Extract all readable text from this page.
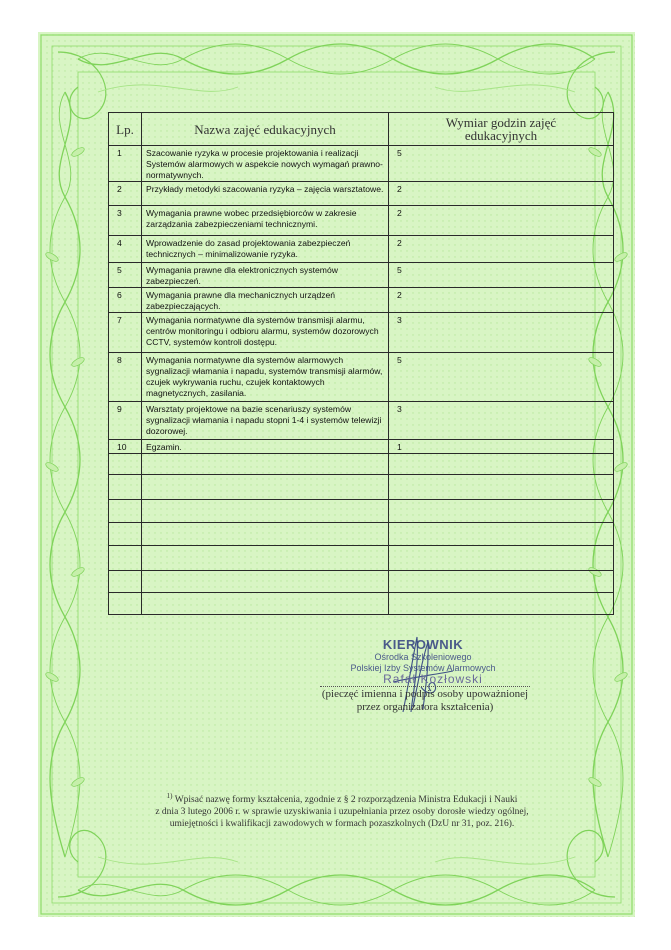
Lp.	Nazwa zajęć edukacyjnych	Wymiar godzin zajęć
edukacyjnych

1	Szacowanie ryzyka w procesie projektowania i realizacji Systemów alarmowych w aspekcie nowych wymagań prawno-normatywnych.	5
2	Przykłady metodyki szacowania ryzyka – zajęcia warsztatowe.	2
3	Wymagania prawne wobec przedsiębiorców w zakresie zarządzania zabezpieczeniami technicznymi.	2
4	Wprowadzenie do zasad projektowania zabezpieczeń technicznych – minimalizowanie ryzyka.	2
5	Wymagania prawne dla elektronicznych systemów zabezpieczeń.	5
6	Wymagania prawne dla mechanicznych urządzeń zabezpieczających.	2
7	Wymagania normatywne dla systemów transmisji alarmu, centrów monitoringu i odbioru alarmu, systemów dozorowych CCTV, systemów kontroli dostępu.	3
8	Wymagania normatywne dla systemów alarmowych sygnalizacji włamania i napadu, systemów transmisji alarmów, czujek wykrywania ruchu, czujek kontaktowych magnetycznych, zasilania.	5
9	Warsztaty projektowe na bazie scenariuszy systemów sygnalizacji włamania i napadu stopni 1-4 i systemów telewizji dozorowej.	3
10	Egzamin.	1

KIEROWNIK
Ośrodka Szkoleniowego
Polskiej Izby Systemów Alarmowych
Rafał Kozłowski
(pieczęć imienna i podpis osoby upoważnionej
przez organizatora kształcenia)
$^{1)}$ Wpisać nazwę formy kształcenia, zgodnie z § 2 rozporządzenia Ministra Edukacji i Nauki
z dnia 3 lutego 2006 r. w sprawie uzyskiwania i uzupełniania przez osoby dorosłe wiedzy ogólnej,
umiejętności i kwalifikacji zawodowych w formach pozaszkolnych (DzU nr 31, poz. 216).
